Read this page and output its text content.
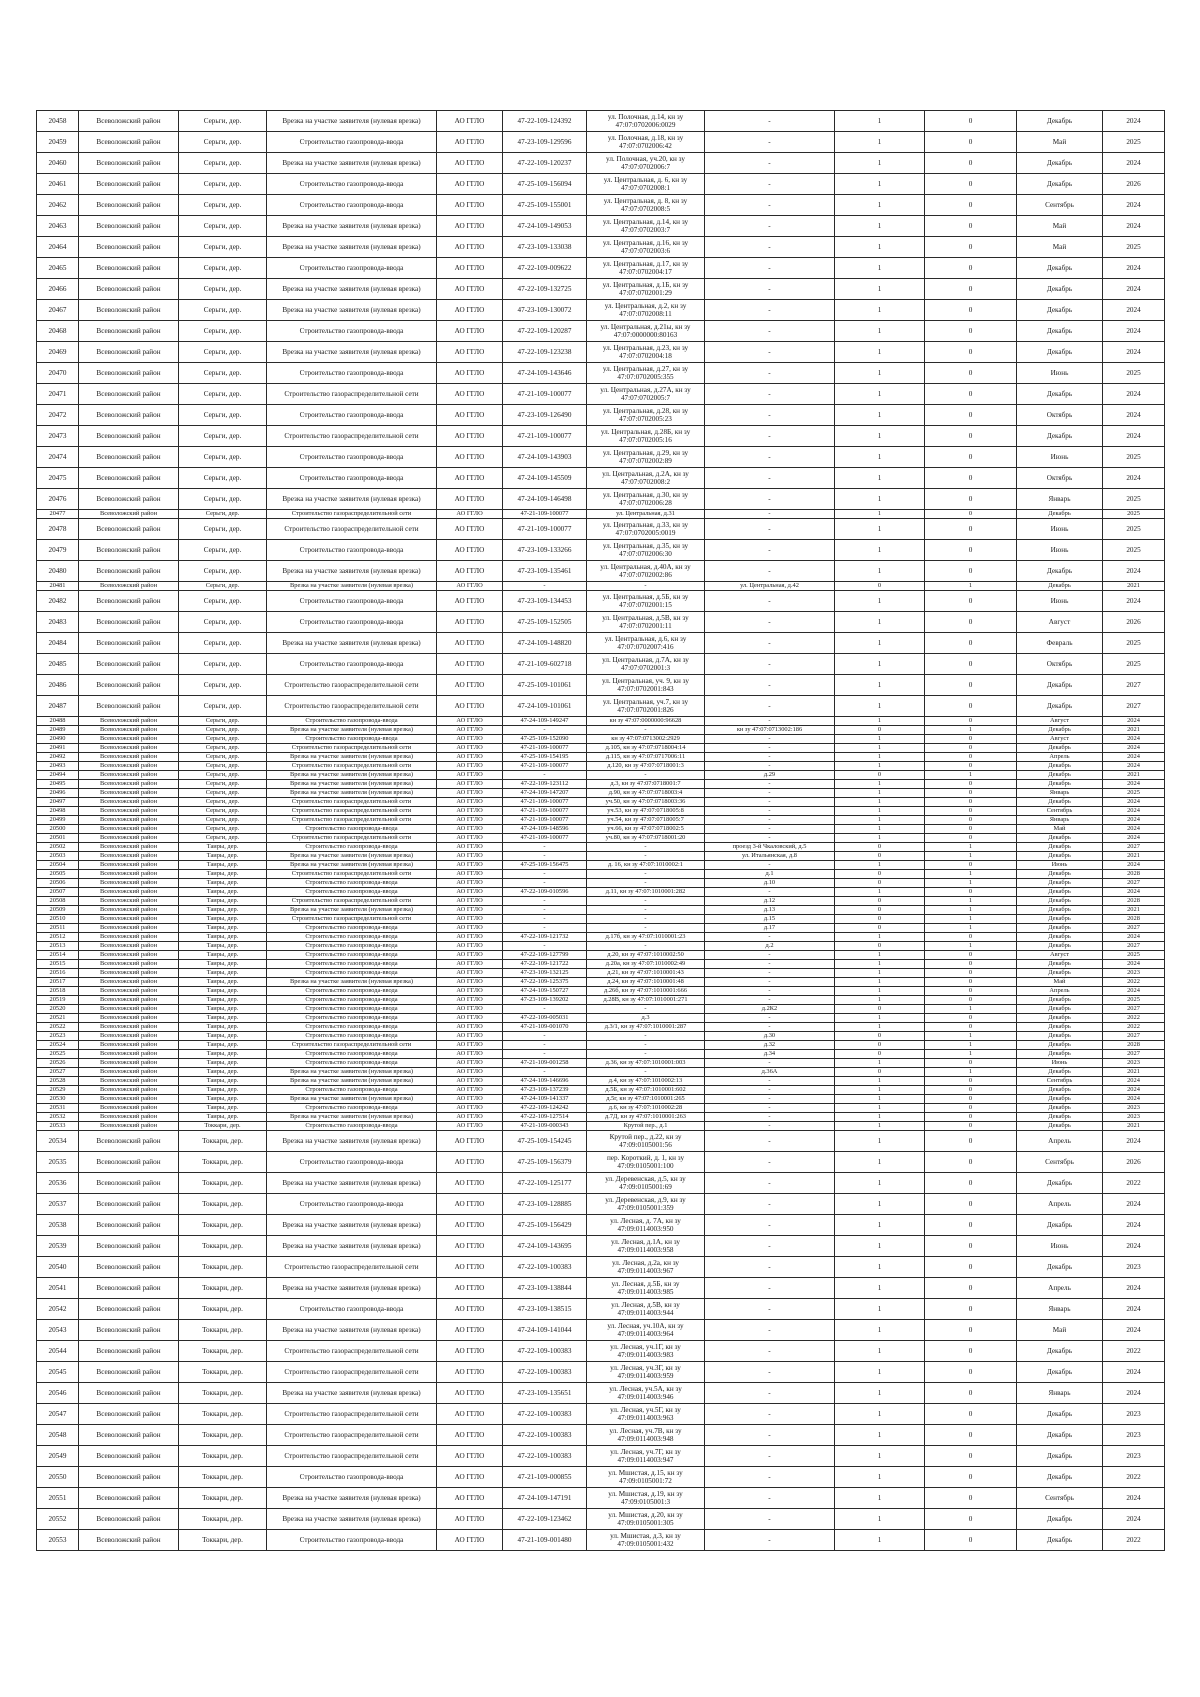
20458	Всеволожский район	Серьги, дер.	Врезка на участке заявителя (нулевая врезка)	АО ГГЛО	47-22-109-124392	ул. Полочная, д.14, кн зу 47:07:0702006:0029	-	1	0	Декабрь	2024
20459	Всеволожский район	Серьги, дер.	Строительство газопровода-ввода	АО ГГЛО	47-23-109-129596	ул. Полочная, д.18, кн зу 47:07:0702006:42	-	1	0	Май	2025
20460	Всеволожский район	Серьги, дер.	Врезка на участке заявителя (нулевая врезка)	АО ГГЛО	47-22-109-120237	ул. Полочная, уч.20, кн зу 47:07:0702006:7	-	1	0	Декабрь	2024
20461	Всеволожский район	Серьги, дер.	Строительство газопровода-ввода	АО ГГЛО	47-25-109-156094	ул. Центральная, д. 6, кн зу 47:07:0702008:1	-	1	0	Декабрь	2026
20462	Всеволожский район	Серьги, дер.	Строительство газопровода-ввода	АО ГГЛО	47-25-109-155001	ул. Центральная, д. 8, кн зу 47:07:0702008:5	-	1	0	Сентябрь	2024
20463	Всеволожский район	Серьги, дер.	Врезка на участке заявителя (нулевая врезка)	АО ГГЛО	47-24-109-149053	ул. Центральная, д.14, кн зу 47:07:0702003:7	-	1	0	Май	2024
20464	Всеволожский район	Серьги, дер.	Врезка на участке заявителя (нулевая врезка)	АО ГГЛО	47-23-109-133038	ул. Центральная, д.16, кн зу 47:07:0702003:6	-	1	0	Май	2025
20465	Всеволожский район	Серьги, дер.	Строительство газопровода-ввода	АО ГГЛО	47-22-109-009622	ул. Центральная, д.17, кн зу 47:07:0702004:17	-	1	0	Декабрь	2024
20466	Всеволожский район	Серьги, дер.	Врезка на участке заявителя (нулевая врезка)	АО ГГЛО	47-22-109-132725	ул. Центральная, д.1Б, кн зу 47:07:0702001:29	-	1	0	Декабрь	2024
20467	Всеволожский район	Серьги, дер.	Врезка на участке заявителя (нулевая врезка)	АО ГГЛО	47-23-109-130072	ул. Центральная, д.2, кн зу 47:07:0702008:11	-	1	0	Декабрь	2024
20468	Всеволожский район	Серьги, дер.	Строительство газопровода-ввода	АО ГГЛО	47-22-109-120287	ул. Центральная, д.21ы, кн зу 47:07:0000000:80163	-	1	0	Декабрь	2024
20469	Всеволожский район	Серьги, дер.	Врезка на участке заявителя (нулевая врезка)	АО ГГЛО	47-22-109-123238	ул. Центральная, д.23, кн зу 47:07:0702004:18	-	1	0	Декабрь	2024
20470	Всеволожский район	Серьги, дер.	Строительство газопровода-ввода	АО ГГЛО	47-24-109-143646	ул. Центральная, д.27, кн зу 47:07:0702005:355	-	1	0	Июнь	2025
20471	Всеволожский район	Серьги, дер.	Строительство газораспределительной сети	АО ГГЛО	47-21-109-100077	ул. Центральная, д.27А, кн зу 47:07:0702005:7	-	1	0	Декабрь	2024
20472	Всеволожский район	Серьги, дер.	Строительство газопровода-ввода	АО ГГЛО	47-23-109-126490	ул. Центральная, д.28, кн зу 47:07:0702005:23	-	1	0	Октябрь	2024
20473	Всеволожский район	Серьги, дер.	Строительство газораспределительной сети	АО ГГЛО	47-21-109-100077	ул. Центральная, д.28Б, кн зу 47:07:0702005:16	-	1	0	Декабрь	2024
20474	Всеволожский район	Серьги, дер.	Строительство газопровода-ввода	АО ГГЛО	47-24-109-143903	ул. Центральная, д.29, кн зу 47:07:0702002:89	-	1	0	Июнь	2025
20475	Всеволожский район	Серьги, дер.	Строительство газопровода-ввода	АО ГГЛО	47-24-109-145509	ул. Центральная, д.2А, кн зу 47:07:0702008:2	-	1	0	Октябрь	2024
20476	Всеволожский район	Серьги, дер.	Врезка на участке заявителя (нулевая врезка)	АО ГГЛО	47-24-109-146498	ул. Центральная, д.30, кн зу 47:07:0702006:28	-	1	0	Январь	2025
20477	Всеволожский район	Серьги, дер.	Строительство газораспределительной сети	АО ГГЛО	47-21-109-100077	ул. Центральная, д.31	-	1	0	Декабрь	2025
20478	Всеволожский район	Серьги, дер.	Строительство газораспределительной сети	АО ГГЛО	47-21-109-100077	ул. Центральная, д.33, кн зу 47:07:0702005:0019	-	1	0	Июнь	2025
20479	Всеволожский район	Серьги, дер.	Строительство газопровода-ввода	АО ГГЛО	47-23-109-133266	ул. Центральная, д.35, кн зу 47:07:0702006:30	-	1	0	Июнь	2025
20480	Всеволожский район	Серьги, дер.	Врезка на участке заявителя (нулевая врезка)	АО ГГЛО	47-23-109-135461	ул. Центральная, д.40А, кн зу 47:07:0702002:86	-	1	0	Декабрь	2024
20481	Всеволожский район	Серьги, дер.	Врезка на участке заявителя (нулевая врезка)	АО ГГЛО	-	-	ул. Центральная, д.42	0	1	Декабрь	2021
20482	Всеволожский район	Серьги, дер.	Строительство газопровода-ввода	АО ГГЛО	47-23-109-134453	ул. Центральная, д.5Б, кн зу 47:07:0702001:15	-	1	0	Июнь	2024
20483	Всеволожский район	Серьги, дер.	Строительство газопровода-ввода	АО ГГЛО	47-25-109-152505	ул. Центральная, д.5В, кн зу 47:07:0702001:11	-	1	0	Август	2026
20484	Всеволожский район	Серьги, дер.	Врезка на участке заявителя (нулевая врезка)	АО ГГЛО	47-24-109-148820	ул. Центральная, д.6, кн зу 47:07:0702007:416	-	1	0	Февраль	2025
20485	Всеволожский район	Серьги, дер.	Строительство газопровода-ввода	АО ГГЛО	47-21-109-602718	ул. Центральная, д.7А, кн зу 47:07:0702001:3	-	1	0	Октябрь	2025
20486	Всеволожский район	Серьги, дер.	Строительство газораспределительной сети	АО ГГЛО	47-25-109-101061	ул. Центральная, уч. 9, кн зу 47:07:0702001:843	-	1	0	Декабрь	2027
20487	Всеволожский район	Серьги, дер.	Строительство газораспределительной сети	АО ГГЛО	47-24-109-101061	ул. Центральная, уч.7, кн зу 47:07:0702001:826	-	1	0	Декабрь	2027
20488	Всеволожский район	Серьги, дер.	Строительство газопровода-ввода	АО ГГЛО	47-24-109-149247	кн зу 47:07:0000000:96628	-	1	0	Август	2024
20489	Всеволожский район	Серьги, дер.	Врезка на участке заявителя (нулевая врезка)	АО ГГЛО	-	-	кн зу 47:07:0713002:186	0	1	Декабрь	2021
20490	Всеволожский район	Серьги, дер.	Строительство газопровода-ввода	АО ГГЛО	47-25-109-152090	кн зу 47:07:0713002:2929	-	1	0	Август	2024
20491	Всеволожский район	Серьги, дер.	Строительство газораспределительной сети	АО ГГЛО	47-21-109-100077	д.105, кн зу 47:07:0718004:14	-	1	0	Декабрь	2024
20492	Всеволожский район	Серьги, дер.	Врезка на участке заявителя (нулевая врезка)	АО ГГЛО	47-25-109-154195	д.115, кн зу 47:07:0717006:11	-	1	0	Апрель	2024
20493	Всеволожский район	Серьги, дер.	Строительство газораспределительной сети	АО ГГЛО	47-21-109-100077	д.120, кн зу 47:07:0718001:3	-	1	0	Декабрь	2024
20494	Всеволожский район	Серьги, дер.	Врезка на участке заявителя (нулевая врезка)	АО ГГЛО	-	-	д.29	0	1	Декабрь	2021
20495	Всеволожский район	Серьги, дер.	Врезка на участке заявителя (нулевая врезка)	АО ГГЛО	47-22-109-123112	д.3, кн зу 47:07:0718001:7	-	1	0	Декабрь	2024
20496	Всеволожский район	Серьги, дер.	Врезка на участке заявителя (нулевая врезка)	АО ГГЛО	47-24-109-147207	д.90, кн зу 47:07:0718003:4	-	1	0	Январь	2025
20497	Всеволожский район	Серьги, дер.	Строительство газораспределительной сети	АО ГГЛО	47-21-109-100077	уч.50, кн зу 47:07:0718003:36	-	1	0	Декабрь	2024
20498	Всеволожский район	Серьги, дер.	Строительство газораспределительной сети	АО ГГЛО	47-21-109-100077	уч.53, кн зу 47:07:0718005:8	-	1	0	Сентябрь	2024
20499	Всеволожский район	Серьги, дер.	Строительство газораспределительной сети	АО ГГЛО	47-21-109-100077	уч.54, кн зу 47:07:0718005:7	-	1	0	Январь	2024
20500	Всеволожский район	Серьги, дер.	Строительство газопровода-ввода	АО ГГЛО	47-24-109-148596	уч.66, кн зу 47:07:0718002:5	-	1	0	Май	2024
20501	Всеволожский район	Серьги, дер.	Строительство газораспределительной сети	АО ГГЛО	47-21-109-100077	уч.80, кн зу 47:07:0718001:20	-	1	0	Декабрь	2024
20502	Всеволожский район	Таиры, дер.	Строительство газопровода-ввода	АО ГГЛО	-	-	проезд 3-й Чкаловский, д.5	0	1	Декабрь	2027
20503	Всеволожский район	Таиры, дер.	Врезка на участке заявителя (нулевая врезка)	АО ГГЛО	-	-	ул. Итальянская, д.8	0	1	Декабрь	2021
20504	Всеволожский район	Таиры, дер.	Врезка на участке заявителя (нулевая врезка)	АО ГГЛО	47-25-109-156475	д. 16, кн зу 47:07:1010002:1	-	1	0	Июнь	2024
20505	Всеволожский район	Таиры, дер.	Строительство газораспределительной сети	АО ГГЛО	-	-	д.1	0	1	Декабрь	2028
20506	Всеволожский район	Таиры, дер.	Строительство газопровода-ввода	АО ГГЛО	-	-	д.10	0	1	Декабрь	2027
20507	Всеволожский район	Таиры, дер.	Строительство газопровода-ввода	АО ГГЛО	47-22-109-010596	д.11, кн зу 47:07:1010001:282	-	1	0	Декабрь	2024
20508	Всеволожский район	Таиры, дер.	Строительство газораспределительной сети	АО ГГЛО	-	-	д.12	0	1	Декабрь	2028
20509	Всеволожский район	Таиры, дер.	Врезка на участке заявителя (нулевая врезка)	АО ГГЛО	-	-	д.13	0	1	Декабрь	2021
20510	Всеволожский район	Таиры, дер.	Строительство газораспределительной сети	АО ГГЛО	-	-	д.15	0	1	Декабрь	2028
20511	Всеволожский район	Таиры, дер.	Строительство газопровода-ввода	АО ГГЛО	-	-	д.17	0	1	Декабрь	2027
20512	Всеволожский район	Таиры, дер.	Строительство газопровода-ввода	АО ГГЛО	47-22-109-121732	д.17б, кн зу 47:07:1010001:23	-	1	0	Декабрь	2024
20513	Всеволожский район	Таиры, дер.	Строительство газопровода-ввода	АО ГГЛО	-	-	д.2	0	1	Декабрь	2027
20514	Всеволожский район	Таиры, дер.	Строительство газопровода-ввода	АО ГГЛО	47-22-109-127799	д.20, кн зу 47:07:1010002:50	-	1	0	Август	2025
20515	Всеволожский район	Таиры, дер.	Строительство газопровода-ввода	АО ГГЛО	47-22-109-121722	д.20а, кн зу 47:07:1010002:49	-	1	0	Декабрь	2024
20516	Всеволожский район	Таиры, дер.	Строительство газопровода-ввода	АО ГГЛО	47-23-109-132125	д.21, кн зу 47:07:1010001:43	-	1	0	Декабрь	2023
20517	Всеволожский район	Таиры, дер.	Врезка на участке заявителя (нулевая врезка)	АО ГГЛО	47-22-109-125375	д.24, кн зу 47:07:1010001:48	-	1	0	Май	2022
20518	Всеволожский район	Таиры, дер.	Строительство газопровода-ввода	АО ГГЛО	47-24-109-150727	д.26б, кн зу 47:07:1010001:666	-	1	0	Апрель	2024
20519	Всеволожский район	Таиры, дер.	Строительство газопровода-ввода	АО ГГЛО	47-23-109-139202	д.28В, кн зу 47:07:1010001:271	-	1	0	Декабрь	2025
20520	Всеволожский район	Таиры, дер.	Строительство газопровода-ввода	АО ГГЛО	-	-	д.2К2	0	1	Декабрь	2027
20521	Всеволожский район	Таиры, дер.	Строительство газопровода-ввода	АО ГГЛО	47-22-109-005031	д.3	-	1	0	Декабрь	2022
20522	Всеволожский район	Таиры, дер.	Строительство газопровода-ввода	АО ГГЛО	47-21-109-001070	д.3/1, кн зу 47:07:1010001:287	-	1	0	Декабрь	2022
20523	Всеволожский район	Таиры, дер.	Строительство газопровода-ввода	АО ГГЛО	-	-	д.30	0	1	Декабрь	2027
20524	Всеволожский район	Таиры, дер.	Строительство газораспределительной сети	АО ГГЛО	-	-	д.32	0	1	Декабрь	2028
20525	Всеволожский район	Таиры, дер.	Строительство газопровода-ввода	АО ГГЛО	-	-	д.34	0	1	Декабрь	2027
20526	Всеволожский район	Таиры, дер.	Строительство газопровода-ввода	АО ГГЛО	47-21-109-001258	д.36, кн зу 47:07:1010001:003	-	1	0	Июнь	2023
20527	Всеволожский район	Таиры, дер.	Врезка на участке заявителя (нулевая врезка)	АО ГГЛО	-	-	д.36А	0	1	Декабрь	2021
20528	Всеволожский район	Таиры, дер.	Врезка на участке заявителя (нулевая врезка)	АО ГГЛО	47-24-109-146696	д.4, кн зу 47:07:1010002:13	-	1	0	Сентябрь	2024
20529	Всеволожский район	Таиры, дер.	Строительство газопровода-ввода	АО ГГЛО	47-23-109-137239	д.5Б, кн зу 47:07:1010001:602	-	1	0	Декабрь	2024
20530	Всеволожский район	Таиры, дер.	Врезка на участке заявителя (нулевая врезка)	АО ГГЛО	47-24-109-141337	д.5г, кн зу 47:07:1010001:265	-	1	0	Декабрь	2024
20531	Всеволожский район	Таиры, дер.	Строительство газопровода-ввода	АО ГГЛО	47-22-109-124242	д.6, кн зу 47:07:1010002:28	-	1	0	Декабрь	2023
20532	Всеволожский район	Таиры, дер.	Врезка на участке заявителя (нулевая врезка)	АО ГГЛО	47-22-109-127514	д.7Д, кн зу 47:07:1010001:263	-	1	0	Декабрь	2023
20533	Всеволожский район	Токкари, дер.	Строительство газопровода-ввода	АО ГГЛО	47-21-109-000343	Крутой пер., д.1	-	1	0	Декабрь	2021
20534	Всеволожский район	Токкари, дер.	Врезка на участке заявителя (нулевая врезка)	АО ГГЛО	47-25-109-154245	Крутой пер., д.22, кн зу 47:09:0105001:56	-	1	0	Апрель	2024
20535	Всеволожский район	Токкари, дер.	Строительство газопровода-ввода	АО ГГЛО	47-25-109-156379	пер. Короткий, д. 1, кн зу 47:09:0105001:100	-	1	0	Сентябрь	2026
20536	Всеволожский район	Токкари, дер.	Врезка на участке заявителя (нулевая врезка)	АО ГГЛО	47-22-109-125177	ул. Деревенская, д.5, кн зу 47:09:0105001:69	-	1	0	Декабрь	2022
20537	Всеволожский район	Токкари, дер.	Строительство газопровода-ввода	АО ГГЛО	47-23-109-128885	ул. Деревенская, д.9, кн зу 47:09:0105001:359	-	1	0	Апрель	2024
20538	Всеволожский район	Токкари, дер.	Врезка на участке заявителя (нулевая врезка)	АО ГГЛО	47-25-109-156429	ул. Лесная, д. 7А, кн зу 47:09:0114003:950	-	1	0	Декабрь	2024
20539	Всеволожский район	Токкари, дер.	Врезка на участке заявителя (нулевая врезка)	АО ГГЛО	47-24-109-143695	ул. Лесная, д.1А, кн зу 47:09:0114003:958	-	1	0	Июнь	2024
20540	Всеволожский район	Токкари, дер.	Строительство газораспределительной сети	АО ГГЛО	47-22-109-100383	ул. Лесная, д.2а, кн зу 47:09:0114003:967	-	1	0	Декабрь	2023
20541	Всеволожский район	Токкари, дер.	Врезка на участке заявителя (нулевая врезка)	АО ГГЛО	47-23-109-138844	ул. Лесная, д.5Б, кн зу 47:09:0114003:985	-	1	0	Апрель	2024
20542	Всеволожский район	Токкари, дер.	Строительство газопровода-ввода	АО ГГЛО	47-23-109-138515	ул. Лесная, д.5В, кн зу 47:09:0114003:944	-	1	0	Январь	2024
20543	Всеволожский район	Токкари, дер.	Врезка на участке заявителя (нулевая врезка)	АО ГГЛО	47-24-109-141044	ул. Лесная, уч.10А, кн зу 47:09:0114003:964	-	1	0	Май	2024
20544	Всеволожский район	Токкари, дер.	Строительство газораспределительной сети	АО ГГЛО	47-22-109-100383	ул. Лесная, уч.1Г, кн зу 47:09:0114003:983	-	1	0	Декабрь	2022
20545	Всеволожский район	Токкари, дер.	Строительство газораспределительной сети	АО ГГЛО	47-22-109-100383	ул. Лесная, уч.3Г, кн зу 47:09:0114003:959	-	1	0	Декабрь	2024
20546	Всеволожский район	Токкари, дер.	Врезка на участке заявителя (нулевая врезка)	АО ГГЛО	47-23-109-135651	ул. Лесная, уч.5А, кн зу 47:09:0114003:946	-	1	0	Январь	2024
20547	Всеволожский район	Токкари, дер.	Строительство газораспределительной сети	АО ГГЛО	47-22-109-100383	ул. Лесная, уч.5Г, кн зу 47:09:0114003:963	-	1	0	Декабрь	2023
20548	Всеволожский район	Токкари, дер.	Строительство газораспределительной сети	АО ГГЛО	47-22-109-100383	ул. Лесная, уч.7В, кн зу 47:09:0114003:948	-	1	0	Декабрь	2023
20549	Всеволожский район	Токкари, дер.	Строительство газораспределительной сети	АО ГГЛО	47-22-109-100383	ул. Лесная, уч.7Г, кн зу 47:09:0114003:947	-	1	0	Декабрь	2023
20550	Всеволожский район	Токкари, дер.	Строительство газопровода-ввода	АО ГГЛО	47-21-109-000855	ул. Мшистая, д.15, кн зу 47:09:0105001:72	-	1	0	Декабрь	2022
20551	Всеволожский район	Токкари, дер.	Врезка на участке заявителя (нулевая врезка)	АО ГГЛО	47-24-109-147191	ул. Мшистая, д.19, кн зу 47:09:0105001:3	-	1	0	Сентябрь	2024
20552	Всеволожский район	Токкари, дер.	Врезка на участке заявителя (нулевая врезка)	АО ГГЛО	47-22-109-123462	ул. Мшистая, д.20, кн зу 47:09:0105001:305	-	1	0	Декабрь	2024
20553	Всеволожский район	Токкари, дер.	Строительство газопровода-ввода	АО ГГЛО	47-21-109-001480	ул. Мшистая, д.3, кн зу 47:09:0105001:432	-	1	0	Декабрь	2022
